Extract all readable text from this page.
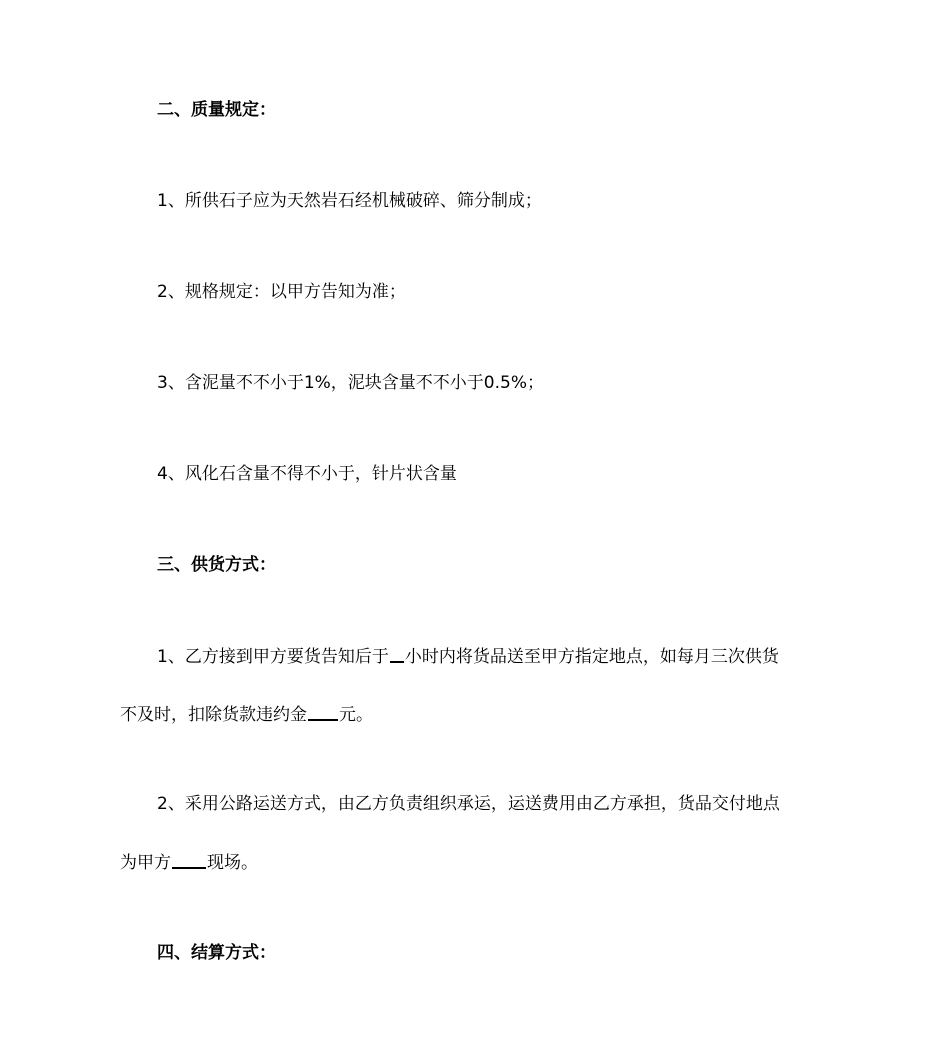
二、质量规定：
1、所供石子应为天然岩石经机械破碎、筛分制成；
2、规格规定：以甲方告知为准；
3、含泥量不不小于1%，泥块含量不不小于0.5%；
4、风化石含量不得不小于，针片状含量
三、供货方式：
1、乙方接到甲方要货告知后于 小时内将货品送至甲方指定地点，如每月三次供货
不及时，扣除货款违约金 元。
2、采用公路运送方式，由乙方负责组织承运，运送费用由乙方承担，货品交付地点
为甲方 现场。
四、结算方式：
